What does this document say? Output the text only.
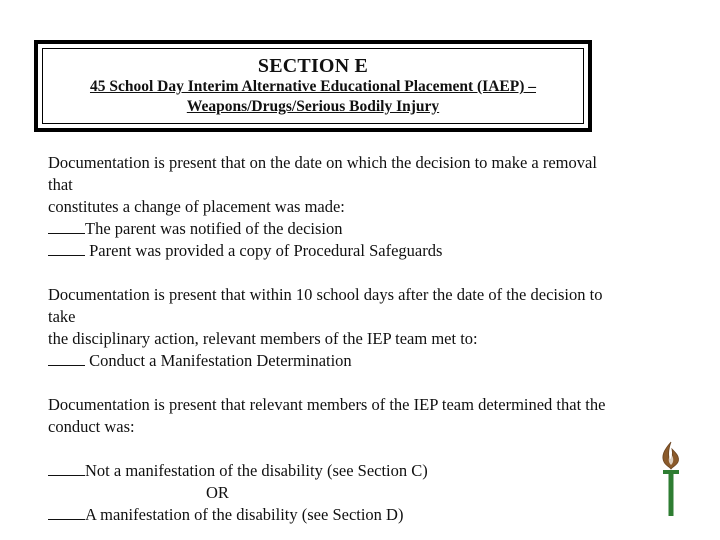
SECTION E
45 School Day Interim Alternative Educational Placement (IAEP) –
Weapons/Drugs/Serious Bodily Injury

Documentation is present that on the date on which the decision to make a removal that

constitutes a change of placement was made:

The parent was notified of the decision
Parent was provided a copy of Procedural Safeguards

Documentation is present that within 10 school days after the date of the decision to take

the disciplinary action, relevant members of the IEP team met to:

Conduct a Manifestation Determination

Documentation is present that relevant members of the IEP team determined that the

conduct was:

Not a manifestation of the disability (see Section C)
OR
A manifestation of the disability (see Section D)
